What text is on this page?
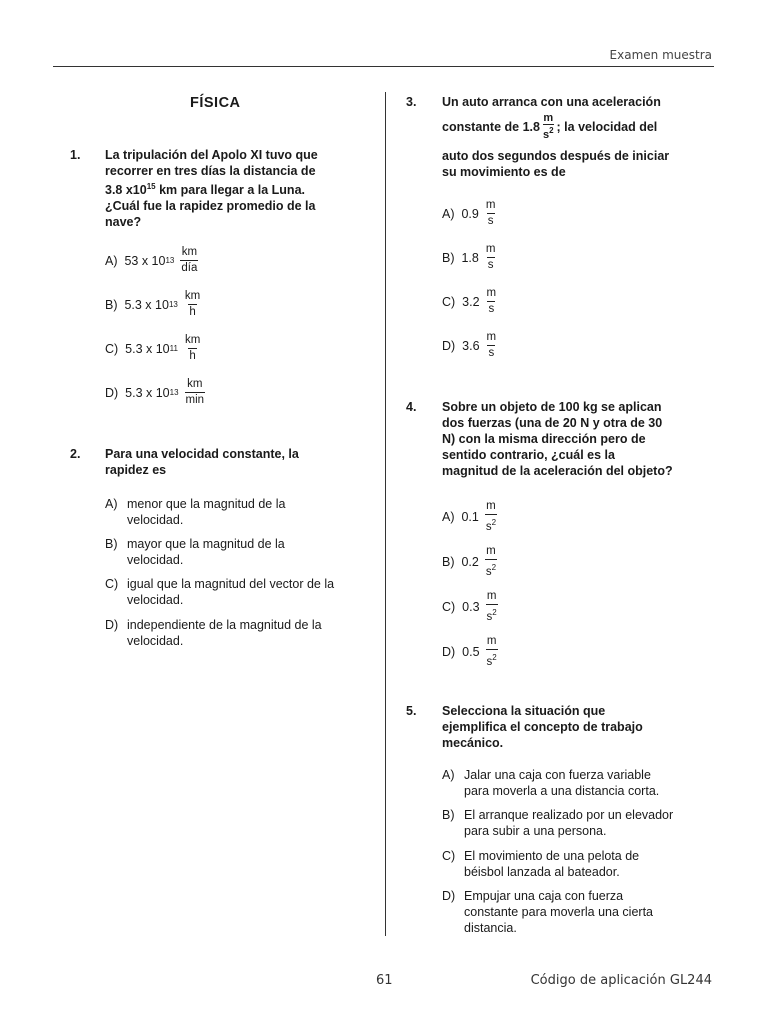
Examen muestra
FÍSICA
1. La tripulación del Apolo XI tuvo que
recorrer en tres días la distancia de
3.8 $x10^{15}$ km para llegar a la Luna.
¿Cuál fue la rapidez promedio de la
nave?
A)
53 x 10 $13 \frac{km}{\text{día}}$
B)
5.3 x 10 $13 \frac{km}{h}$
C)
5.3 x 10 $11 \frac{km}{h}$
D)
5.3 x 10 $13 \frac{km}{\min}$
2. Para una velocidad constante, la
rapidez es
A) menor que la magnitud de la
velocidad.
B) mayor que la magnitud de la
velocidad.
C) igual que la magnitud del vector de la
velocidad.
D) independiente de la magnitud de la
velocidad.
3. Un auto arranca con una aceleración
constante de $1.8 \frac{m}{s^2}$ ; la velocidad del
auto dos segundos después de iniciar
su movimiento es de
A)
$0.9 \frac{m}{s}$
B)
$1.8 \frac{m}{s}$
C)
$3.2 \frac{m}{s}$
D)
$3.6 \frac{m}{s}$
4. Sobre un objeto de 100 kg se aplican
dos fuerzas (una de 20 N y otra de 30
N) con la misma dirección pero de
sentido contrario, ¿cuál es la
magnitud de la aceleración del objeto?
A)
$0.1 \frac{m}{s^2}$
B)
$0.2 \frac{m}{s^2}$
C)
$0.3 \frac{m}{s^2}$
D)
$0.5 \frac{m}{s^2}$
5. Selecciona la situación que
ejemplifica el concepto de trabajo
mecánico.
A) Jalar una caja con fuerza variable
para moverla a una distancia corta.
B) El arranque realizado por un elevador
para subir a una persona.
C) El movimiento de una pelota de
béisbol lanzada al bateador.
D) Empujar una caja con fuerza
constante para moverla una cierta
distancia.
61	Código de aplicación GL244
